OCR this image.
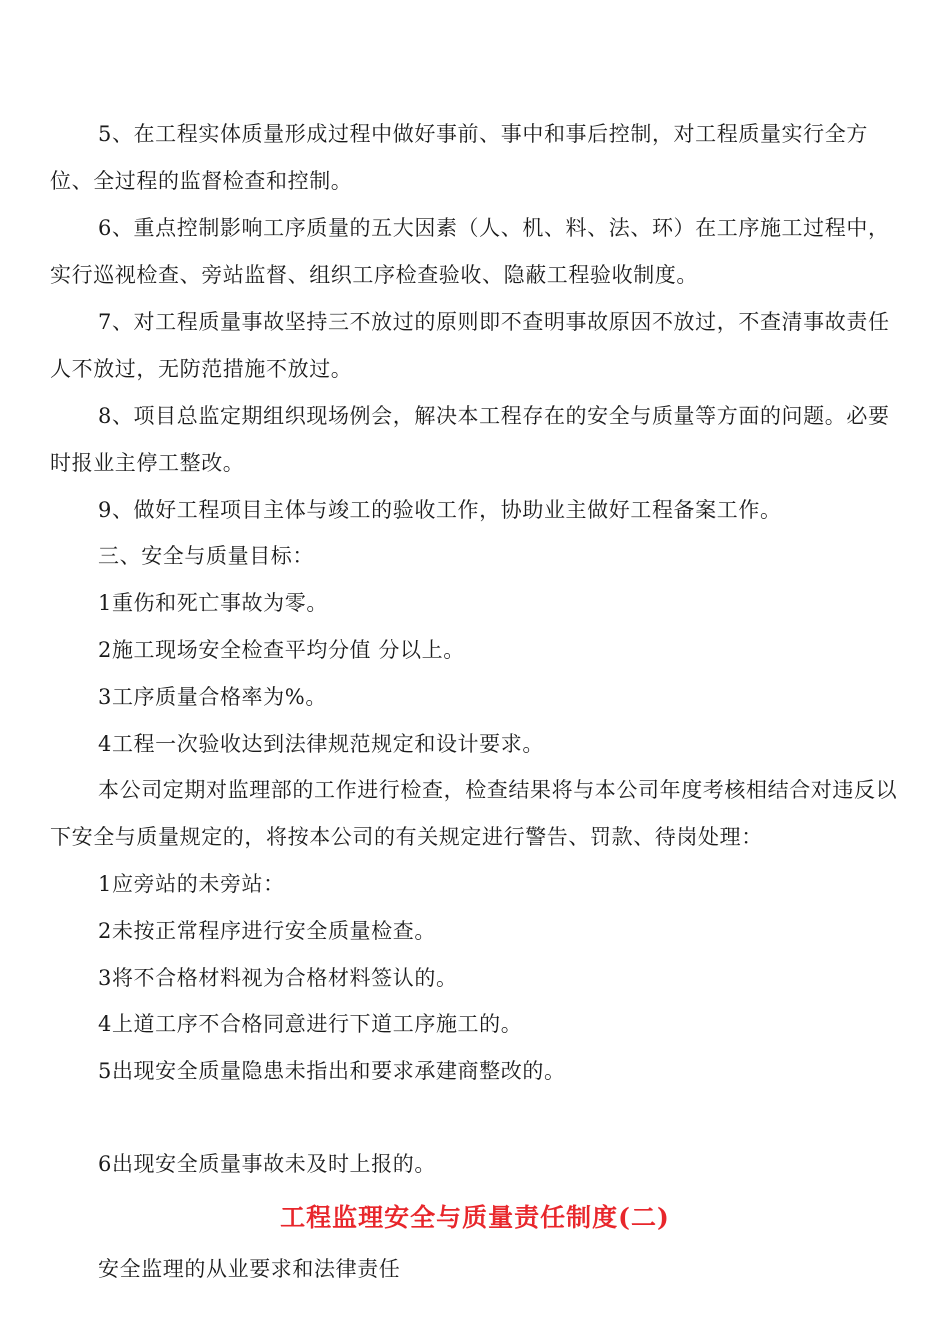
5、在工程实体质量形成过程中做好事前、事中和事后控制，对工程质量实行全方位、全过程的监督检查和控制。

6、重点控制影响工序质量的五大因素（人、机、料、法、环）在工序施工过程中，实行巡视检查、旁站监督、组织工序检查验收、隐蔽工程验收制度。

7、对工程质量事故坚持三不放过的原则即不查明事故原因不放过，不查清事故责任人不放过，无防范措施不放过。

8、项目总监定期组织现场例会，解决本工程存在的安全与质量等方面的问题。必要时报业主停工整改。

9、做好工程项目主体与竣工的验收工作，协助业主做好工程备案工作。

三、安全与质量目标：

1重伤和死亡事故为零。

2施工现场安全检查平均分值 分以上。

3工序质量合格率为%。

4工程一次验收达到法律规范规定和设计要求。

本公司定期对监理部的工作进行检查，检查结果将与本公司年度考核相结合对违反以下安全与质量规定的，将按本公司的有关规定进行警告、罚款、待岗处理：

1应旁站的未旁站：

2未按正常程序进行安全质量检查。

3将不合格材料视为合格材料签认的。

4上道工序不合格同意进行下道工序施工的。

5出现安全质量隐患未指出和要求承建商整改的。

6出现安全质量事故未及时上报的。

工程监理安全与质量责任制度(二)

安全监理的从业要求和法律责任
